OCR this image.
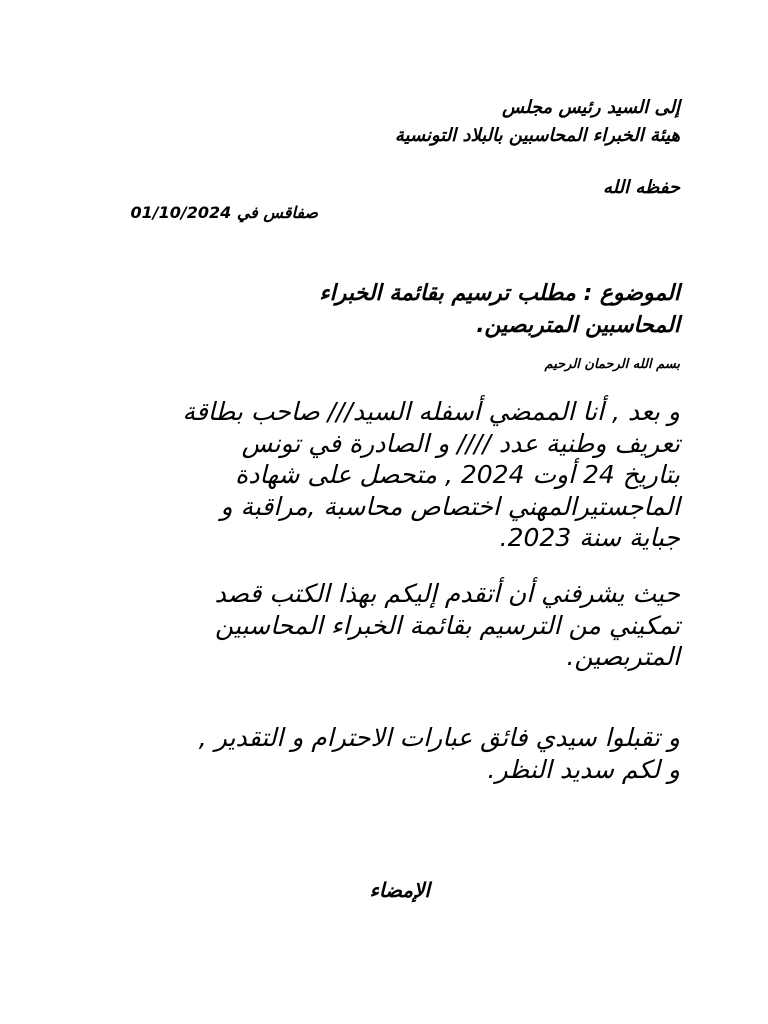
إلى السيد رئيس مجلس
هيئة الخبراء المحاسبين بالبلاد التونسية
حفظه الله
صفاقس في 01/10/2024
الموضوع : مطلب ترسيم بقائمة الخبراء
المحاسبين المتربصين.
بسم الله الرحمان الرحيم
و بعد , أنا الممضي أسفله السيد/// صاحب بطاقة
تعريف وطنية عدد //// و الصادرة في تونس
بتاريخ 24 أوت 2024 , متحصل على شهادة
الماجستيرالمهني اختصاص محاسبة ,مراقبة و
جباية سنة 2023.
حيث يشرفني أن أتقدم إليكم بهذا الكتب قصد
تمكيني من الترسيم بقائمة الخبراء المحاسبين
المتربصين.
و تقبلوا سيدي فائق عبارات الاحترام و التقدير ,
و لكم سديد النظر.
الإمضاء
